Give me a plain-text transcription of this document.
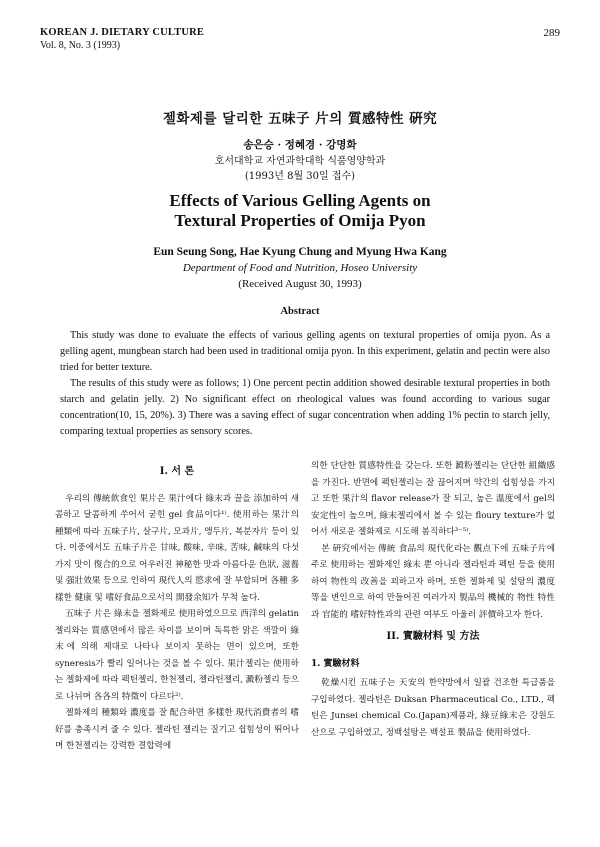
KOREAN J. DIETARY CULTURE
Vol. 8, No. 3 (1993)
289
젤화제를 달리한 五味子 片의 質感特性 硏究
송은승 · 정혜경 · 강명화
호서대학교 자연과학대학 식품영양학과
(1993년 8월 30일 접수)
Effects of Various Gelling Agents on
Textural Properties of Omija Pyon
Eun Seung Song, Hae Kyung Chung and Myung Hwa Kang
Department of Food and Nutrition, Hoseo University
(Received August 30, 1993)
Abstract

This study was done to evaluate the effects of various gelling agents on textural properties of omija pyon. As a gelling agent, mungbean starch had been used in traditional omija pyon. In this experiment, gelatin and pectin were also tried for better texture.

The results of this study were as follows; 1) One percent pectin addition showed desirable textural properties in both starch and gelatin jelly. 2) No significant effect on rheological values was found according to various sugar concentration(10, 15, 20%). 3) There was a saving effect of sugar concentration when adding 1% pectin to starch jelly, comparing textual properties as sensory scores.

I. 서 론

우리의 傳統飮食인 果片은 果汁에다 綠末과 꿀을 添加하여 새콤하고 달콤하게 쑤어서 굳힌 gel 食品이다¹⁾. 使用하는 果汁의 種類에 따라 五味子片, 살구片, 모과片, 앵두片, 복분자片 등이 있다. 이중에서도 五味子片은 甘味, 酸味, 辛味, 苦味, 鹹味의 다섯가지 맛이 復合的으로 어우러진 神秘한 맛과 아름다운 色狀, 滋養 및 强壯效果 등으로 인하여 現代人의 慾求에 잘 부합되며 各種 多樣한 健康 및 嗜好食品으로서의 開發余知가 무척 높다.

五味子 片은 綠末을 젤화제로 使用하였으므로 西洋의 gelatin 젤리와는 質感면에서 많은 차이를 보이며 독특한 맑은 색깔이 綠末에 의해 제대로 나타나 보이지 못하는 면이 있으며, 또한 syneresis가 빨리 일어나는 것을 볼 수 있다. 果汁젤리는 使用하는 젤화제에 따라 펙틴젤리, 한천젤리, 젤라틴젤리, 澱粉젤리 등으로 나뉘며 各各의 特徵이 다르다²⁾.

젤화제의 種類와 濃度를 잘 配合하면 多樣한 現代消費者의 嗜好를 충족시켜 줄 수 있다. 젤라틴 젤리는 질기고 쉽힘성이 뛰어나며 한천젤리는 강력한 결합력에

의한 단단한 質感特性을 갖는다. 또한 澱粉젤리는 단단한 組織感을 가진다. 반면에 펙틴젤리는 잘 끊어지며 약간의 쉽힘성을 가지고 또한 果汁의 flavor release가 잘 되고, 높은 溫度에서 gel의 安定性이 높으며, 綠末젤리에서 볼 수 있는 floury texture가 없어서 새로운 젤화제로 시도해 봄직하다³⁻⁵⁾.

본 硏究에서는 傳統 食品의 現代化라는 觀点下에 五味子片에 주로 使用하는 젤화제인 綠末 뿐 아니라 젤라틴과 펙틴 등을 使用하여 物性의 改善을 꾀하고자 하며, 또한 젤화제 및 설탕의 濃度等을 변인으로 하여 만들어진 여러가지 製品의 機械的 物性 特性과 官能的 嗜好特性과의 관련 여부도 아울러 評價하고자 한다.

II. 實驗材料 및 方法
1. 實驗材料

乾燥시킨 五味子는 天安의 한약방에서 일괄 건조한 특급품을 구입하였다. 젤라틴은 Duksan Pharmaceutical Co., LTD., 펙틴은 Junsei chemical Co.(Japan)제품과, 綠豆綠末은 강원도산으로 구입하였고, 정백설탕은 백설표 製品을 使用하였다.
